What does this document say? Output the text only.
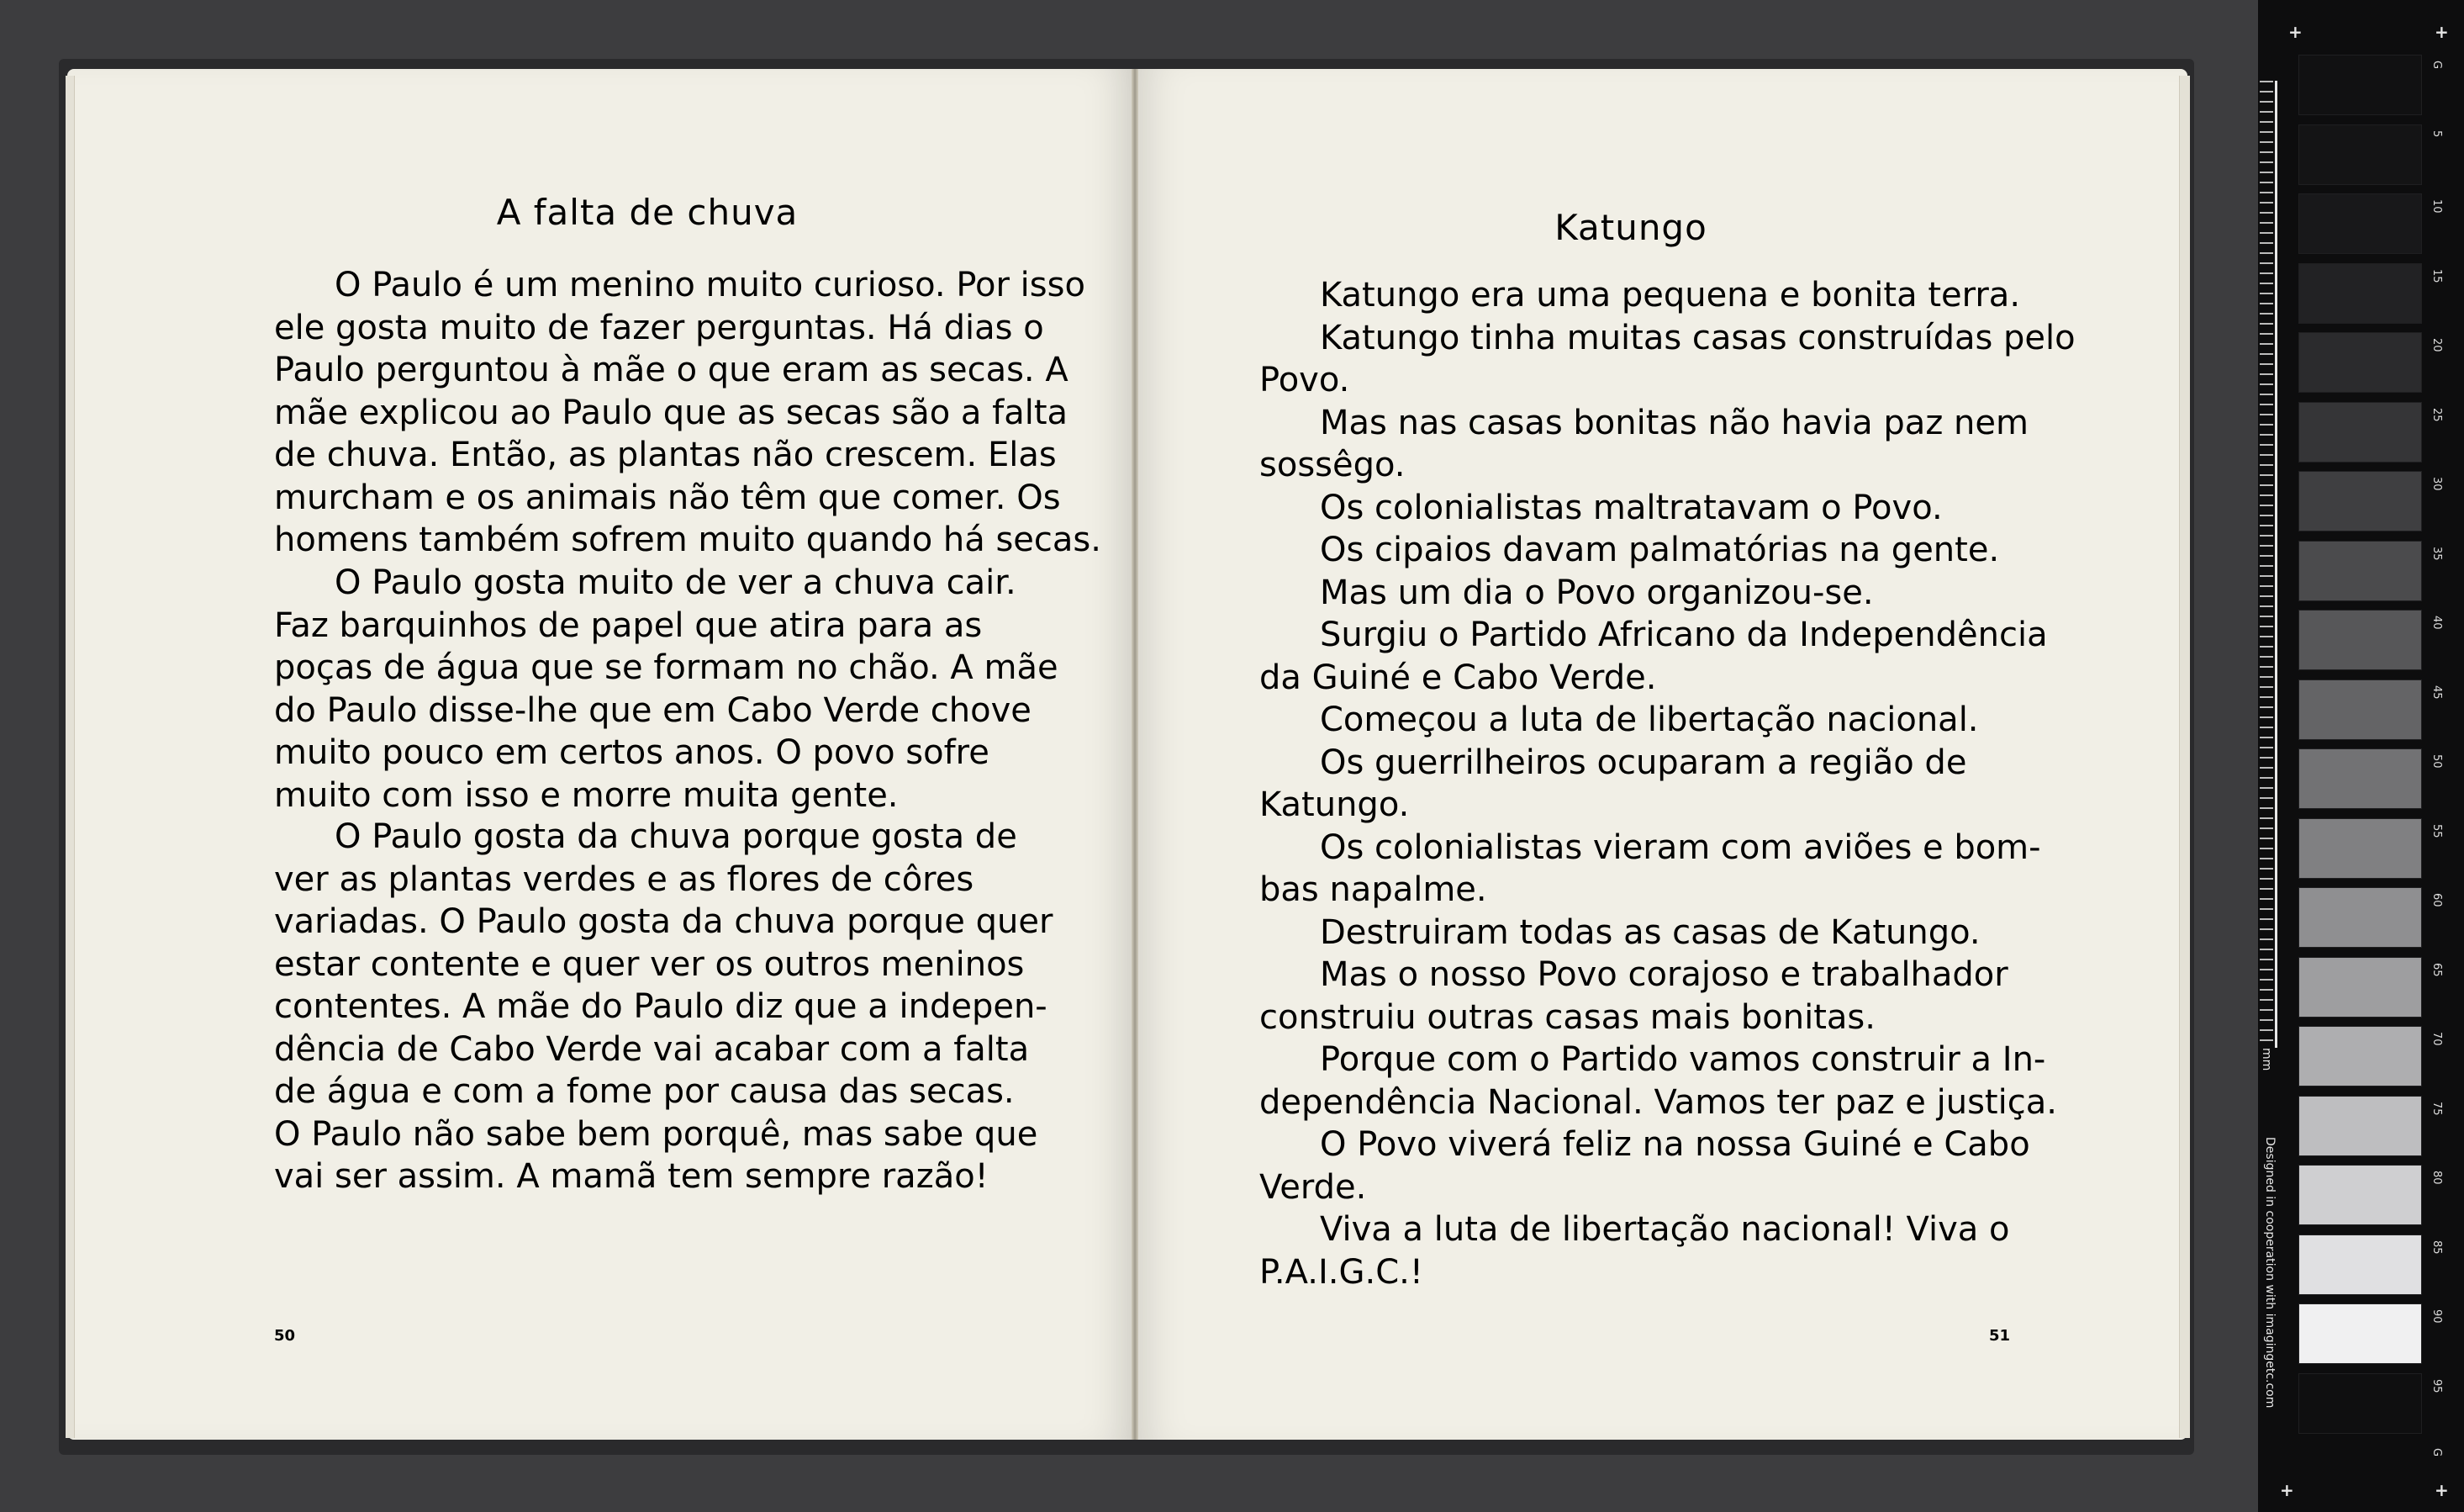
A falta de chuva
O Paulo é um menino muito curioso. Por isso
ele gosta muito de fazer perguntas. Há dias o
Paulo perguntou à mãe o que eram as secas. A
mãe explicou ao Paulo que as secas são a falta
de chuva. Então, as plantas não crescem. Elas
murcham e os animais não têm que comer. Os
homens também sofrem muito quando há secas.
O Paulo gosta muito de ver a chuva cair.
Faz barquinhos de papel que atira para as
poças de água que se formam no chão. A mãe
do Paulo disse-lhe que em Cabo Verde chove
muito pouco em certos anos. O povo sofre
muito com isso e morre muita gente.
O Paulo gosta da chuva porque gosta de
ver as plantas verdes e as flores de côres
variadas. O Paulo gosta da chuva porque quer
estar contente e quer ver os outros meninos
contentes. A mãe do Paulo diz que a indepen-
dência de Cabo Verde vai acabar com a falta
de água e com a fome por causa das secas.
O Paulo não sabe bem porquê, mas sabe que
vai ser assim. A mamã tem sempre razão!
50
Katungo
Katungo era uma pequena e bonita terra.
Katungo tinha muitas casas construídas pelo
Povo.
Mas nas casas bonitas não havia paz nem
sossêgo.
Os colonialistas maltratavam o Povo.
Os cipaios davam palmatórias na gente.
Mas um dia o Povo organizou-se.
Surgiu o Partido Africano da Independência
da Guiné e Cabo Verde.
Começou a luta de libertação nacional.
Os guerrilheiros ocuparam a região de
Katungo.
Os colonialistas vieram com aviões e bom-
bas napalme.
Destruiram todas as casas de Katungo.
Mas o nosso Povo corajoso e trabalhador
construiu outras casas mais bonitas.
Porque com o Partido vamos construir a In-
dependência Nacional. Vamos ter paz e justiça.
O Povo viverá feliz na nossa Guiné e Cabo
Verde.
Viva a luta de libertação nacional! Viva o
P.A.I.G.C.!
51
mm
Designed in cooperation with imagingetc.com
+	+
+	+
G
5
10
15
20
25
30
35
40
45
50
55
60
65
70
75
80
85
90
95
G
